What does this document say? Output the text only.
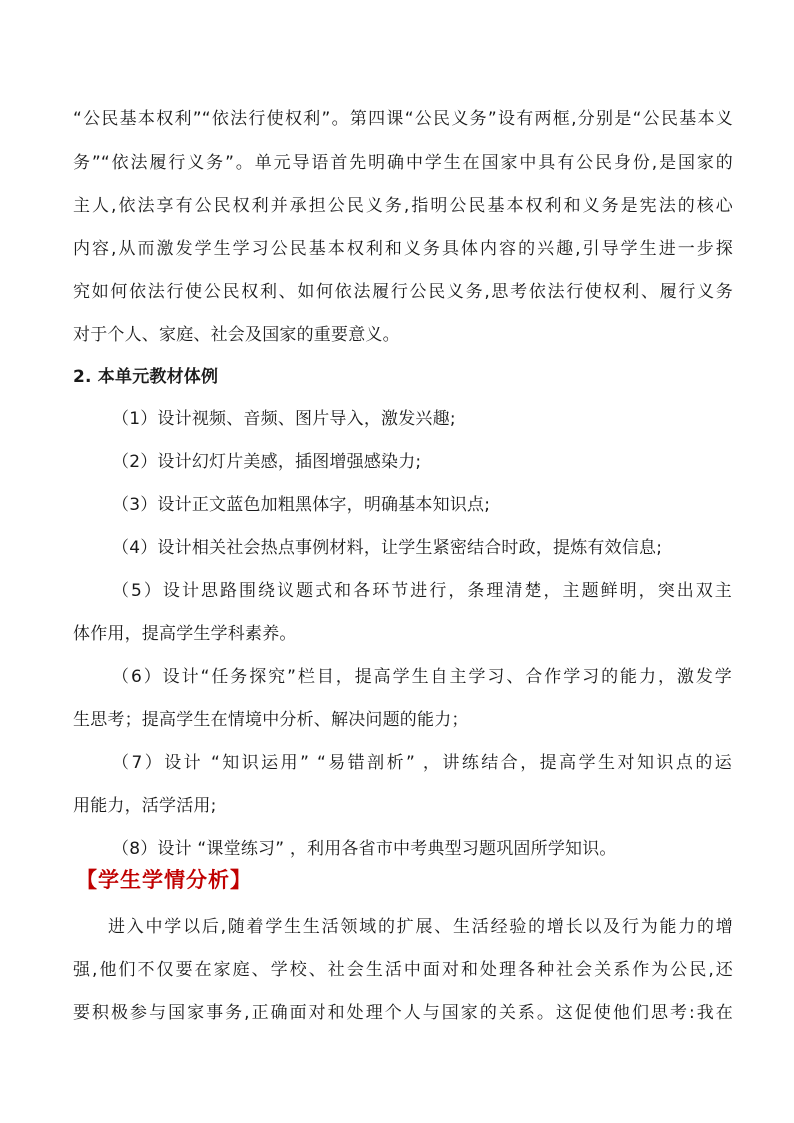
“公民基本权利”“依法行使权利”。第四课“公民义务”设有两框,分别是“公民基本义
务”“依法履行义务”。单元导语首先明确中学生在国家中具有公民身份,是国家的
主人,依法享有公民权利并承担公民义务,指明公民基本权利和义务是宪法的核心
内容,从而激发学生学习公民基本权利和义务具体内容的兴趣,引导学生进一步探
究如何依法行使公民权利、如何依法履行公民义务,思考依法行使权利、履行义务
对于个人、家庭、社会及国家的重要意义。
2. 本单元教材体例
（1）设计视频、音频、图片导入，激发兴趣;
（2）设计幻灯片美感，插图增强感染力;
（3）设计正文蓝色加粗黑体字，明确基本知识点;
（4）设计相关社会热点事例材料，让学生紧密结合时政，提炼有效信息;
（5）设计思路围绕议题式和各环节进行，条理清楚，主题鲜明，突出双主
体作用，提高学生学科素养。
（6）设计“任务探究”栏目，提高学生自主学习、合作学习的能力，激发学
生思考；提高学生在情境中分析、解决问题的能力；
（7）设计 “知识运用” “易错剖析” ，讲练结合，提高学生对知识点的运
用能力，活学活用;
（8）设计 “课堂练习” ，利用各省市中考典型习题巩固所学知识。
【学生学情分析】
进入中学以后,随着学生生活领域的扩展、生活经验的增长以及行为能力的增
强,他们不仅要在家庭、学校、社会生活中面对和处理各种社会关系作为公民,还
要积极参与国家事务,正确面对和处理个人与国家的关系。这促使他们思考:我在
